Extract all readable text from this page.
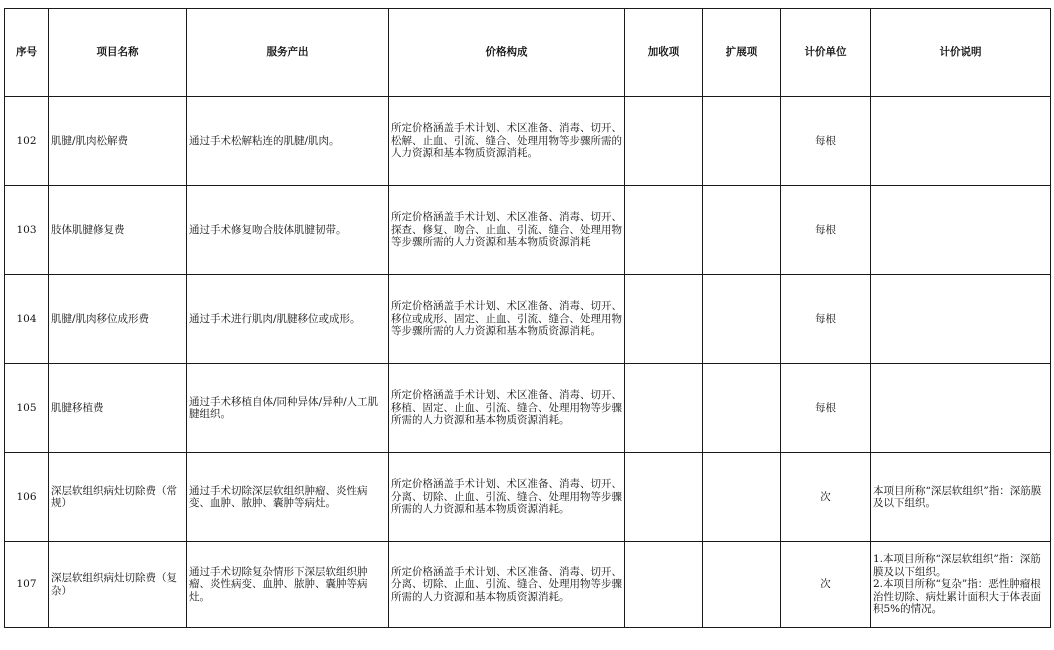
序号	项目名称	服务产出	价格构成	加收项	扩展项	计价单位	计价说明
102	肌腱/肌肉松解费	通过手术松解粘连的肌腱/肌肉。	所定价格涵盖手术计划、术区准备、消毒、切开、松解、止血、引流、缝合、处理用物等步骤所需的人力资源和基本物质资源消耗。			每根	
103	肢体肌腱修复费	通过手术修复吻合肢体肌腱韧带。	所定价格涵盖手术计划、术区准备、消毒、切开、探查、修复、吻合、止血、引流、缝合、处理用物等步骤所需的人力资源和基本物质资源消耗			每根	
104	肌腱/肌肉移位成形费	通过手术进行肌肉/肌腱移位或成形。	所定价格涵盖手术计划、术区准备、消毒、切开、移位或成形、固定、止血、引流、缝合、处理用物等步骤所需的人力资源和基本物质资源消耗。			每根	
105	肌腱移植费	通过手术移植自体/同种异体/异种/人工肌腱组织。	所定价格涵盖手术计划、术区准备、消毒、切开、移植、固定、止血、引流、缝合、处理用物等步骤所需的人力资源和基本物质资源消耗。			每根	
106	深层软组织病灶切除费（常规）	通过手术切除深层软组织肿瘤、炎性病变、血肿、脓肿、囊肿等病灶。	所定价格涵盖手术计划、术区准备、消毒、切开、分离、切除、止血、引流、缝合、处理用物等步骤所需的人力资源和基本物质资源消耗。			次	本项目所称“深层软组织”指：深筋膜及以下组织。
107	深层软组织病灶切除费（复杂）	通过手术切除复杂情形下深层软组织肿瘤、炎性病变、血肿、脓肿、囊肿等病灶。	所定价格涵盖手术计划、术区准备、消毒、切开、分离、切除、止血、引流、缝合、处理用物等步骤所需的人力资源和基本物质资源消耗。			次	1.本项目所称“深层软组织”指：深筋膜及以下组织。
2.本项目所称“复杂”指：恶性肿瘤根治性切除、病灶累计面积大于体表面积5%的情况。
